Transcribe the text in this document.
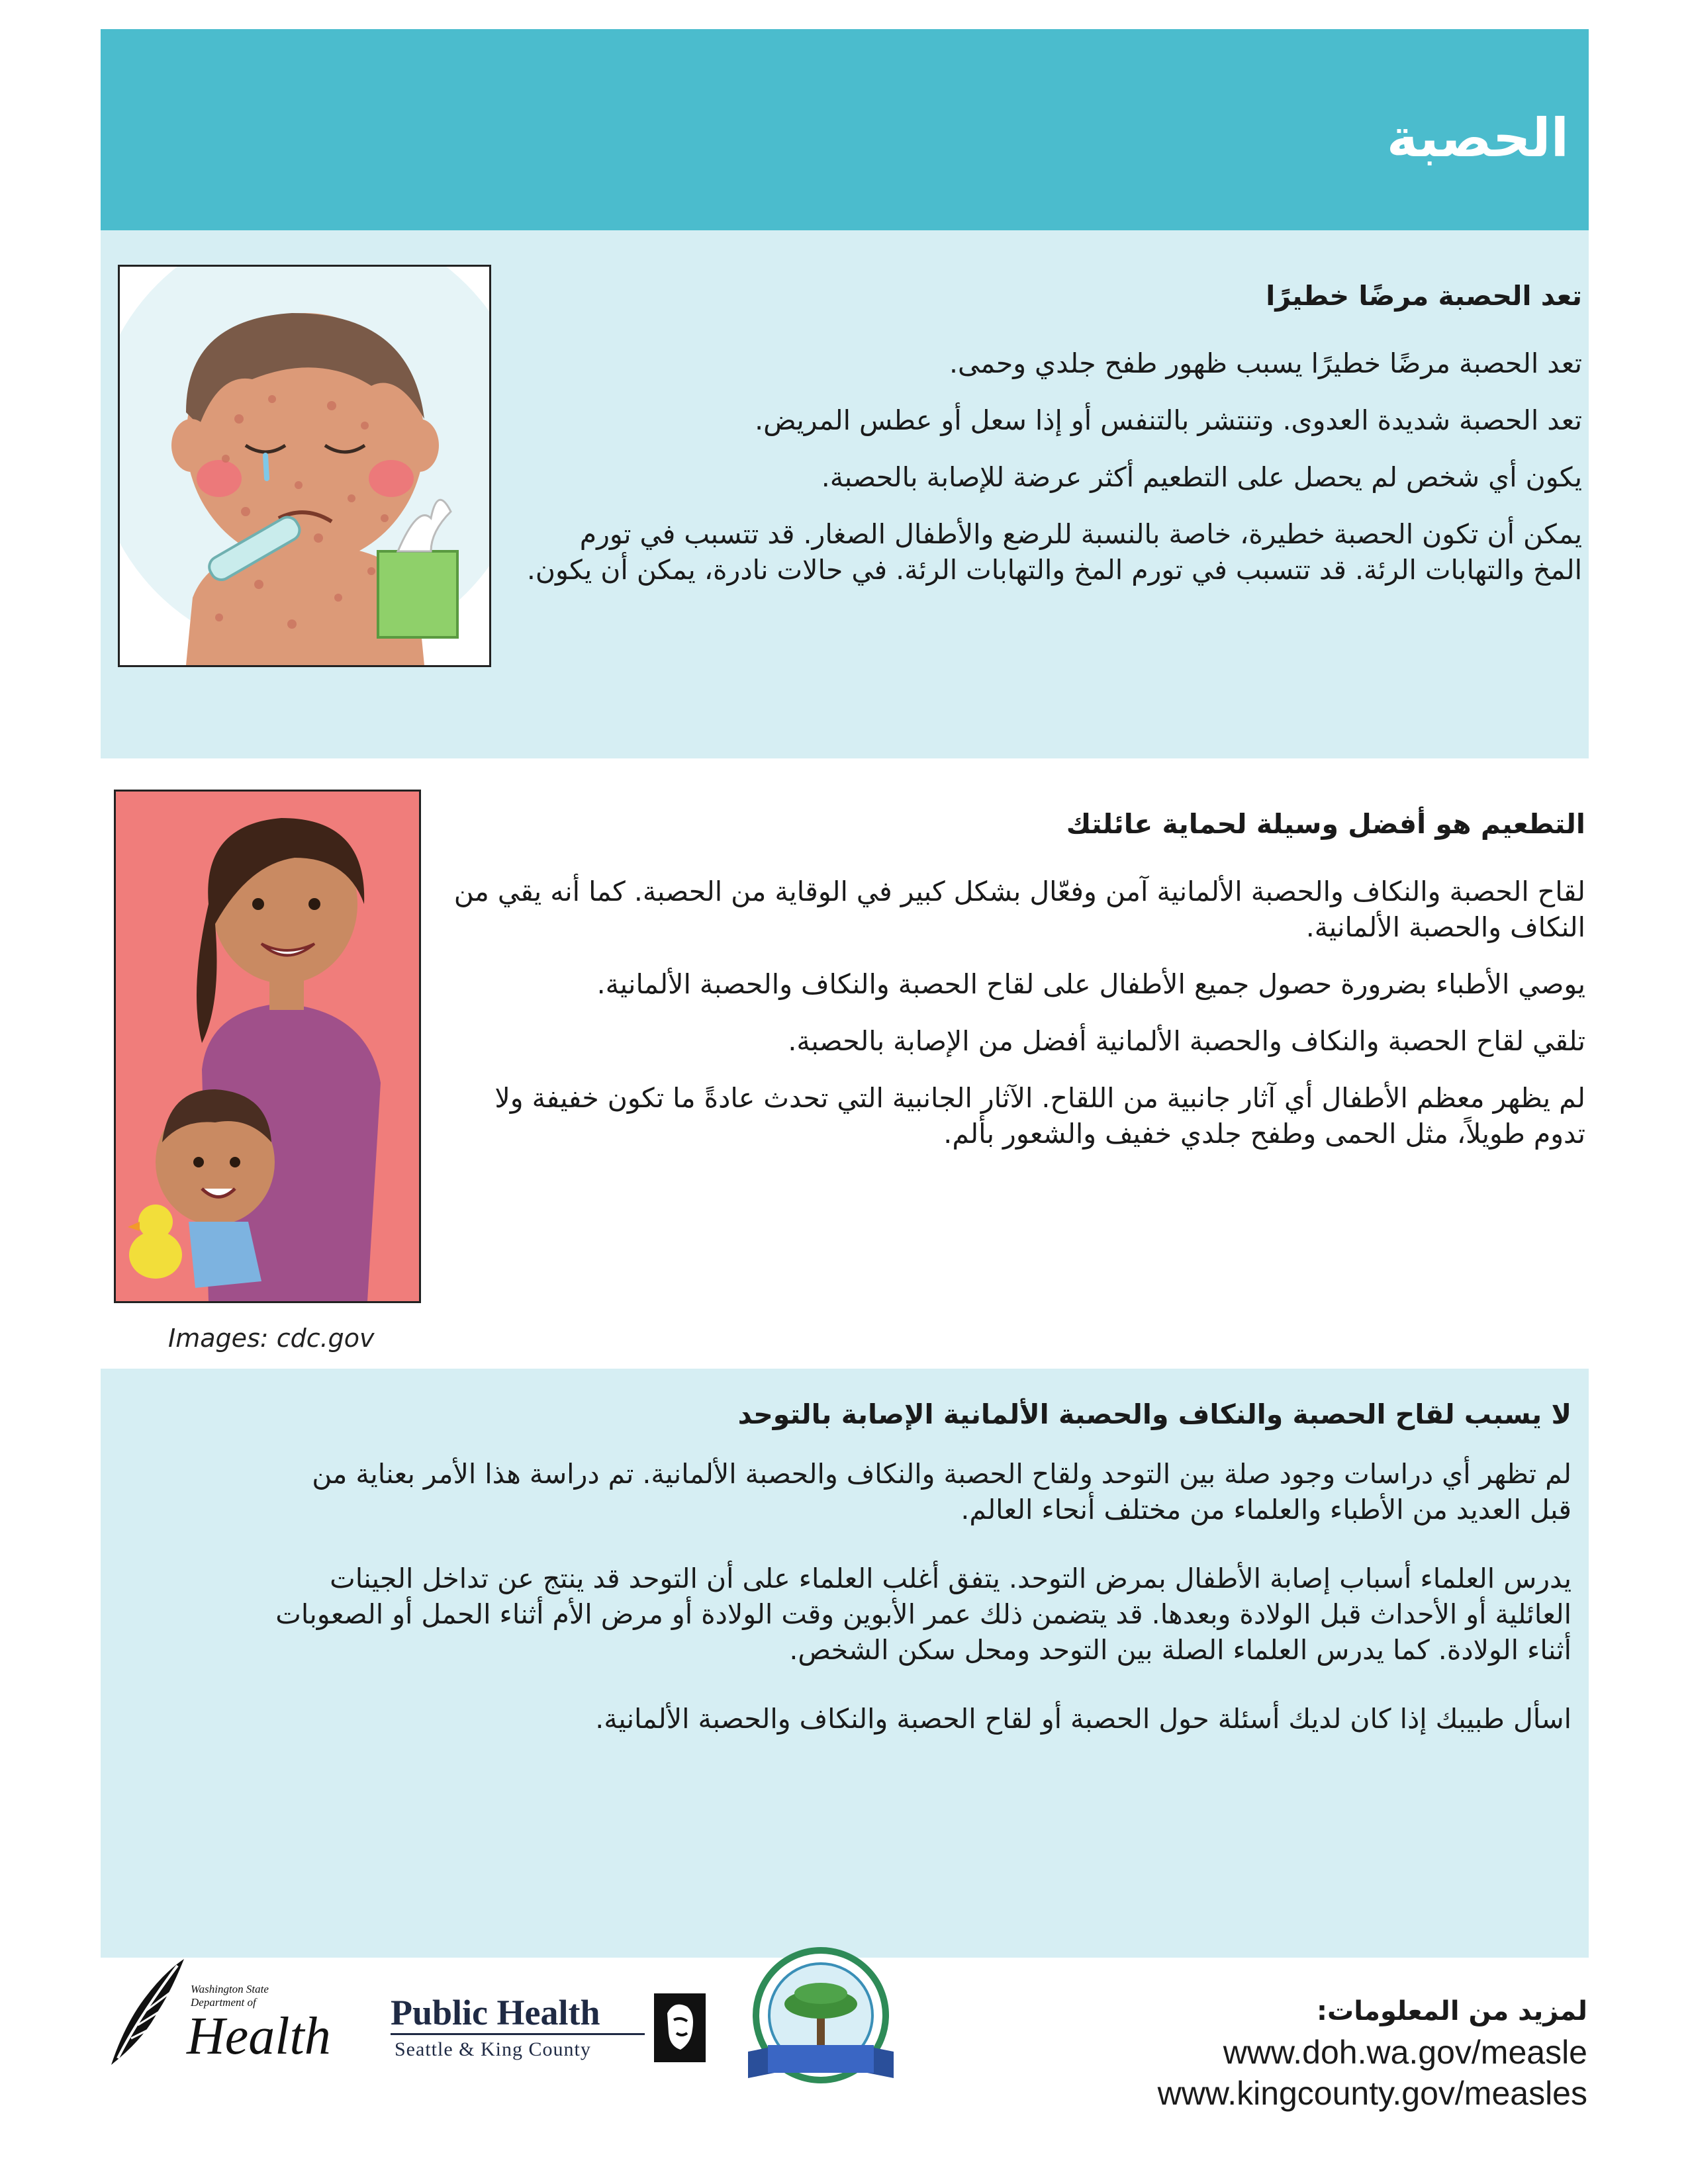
الحصبة
تعد الحصبة مرضًا خطيرًا

تعد الحصبة مرضًا خطيرًا يسبب ظهور طفح جلدي وحمى.

تعد الحصبة شديدة العدوى. وتنتشر بالتنفس أو إذا سعل أو عطس المريض.

يكون أي شخص لم يحصل على التطعيم أكثر عرضة للإصابة بالحصبة.

يمكن أن تكون الحصبة خطيرة، خاصة بالنسبة للرضع والأطفال الصغار. قد تتسبب في تورم المخ والتهابات الرئة. قد تتسبب في تورم المخ والتهابات الرئة. في حالات نادرة، يمكن أن يكون.

التطعيم هو أفضل وسيلة لحماية عائلتك

لقاح الحصبة والنكاف والحصبة الألمانية آمن وفعّال بشكل كبير في الوقاية من الحصبة. كما أنه يقي من النكاف والحصبة الألمانية.

يوصي الأطباء بضرورة حصول جميع الأطفال على لقاح الحصبة والنكاف والحصبة الألمانية.

تلقي لقاح الحصبة والنكاف والحصبة الألمانية أفضل من الإصابة بالحصبة.

لم يظهر معظم الأطفال أي آثار جانبية من اللقاح. الآثار الجانبية التي تحدث عادةً ما تكون خفيفة ولا تدوم طويلاً، مثل الحمى وطفح جلدي خفيف والشعور بألم.

Images: cdc.gov
لا يسبب لقاح الحصبة والنكاف والحصبة الألمانية الإصابة بالتوحد

لم تظهر أي دراسات وجود صلة بين التوحد ولقاح الحصبة والنكاف والحصبة الألمانية. تم دراسة هذا الأمر بعناية من قبل العديد من الأطباء والعلماء من مختلف أنحاء العالم.

يدرس العلماء أسباب إصابة الأطفال بمرض التوحد. يتفق أغلب العلماء على أن التوحد قد ينتج عن تداخل الجينات العائلية أو الأحداث قبل الولادة وبعدها. قد يتضمن ذلك عمر الأبوين وقت الولادة أو مرض الأم أثناء الحمل أو الصعوبات أثناء الولادة. كما يدرس العلماء الصلة بين التوحد ومحل سكن الشخص.

اسأل طبيبك إذا كان لديك أسئلة حول الحصبة أو لقاح الحصبة والنكاف والحصبة الألمانية.

Washington State Department of
Health Public Health
Seattle & King County
لمزيد من المعلومات:
www.doh.wa.gov/measle
www.kingcounty.gov/measles
